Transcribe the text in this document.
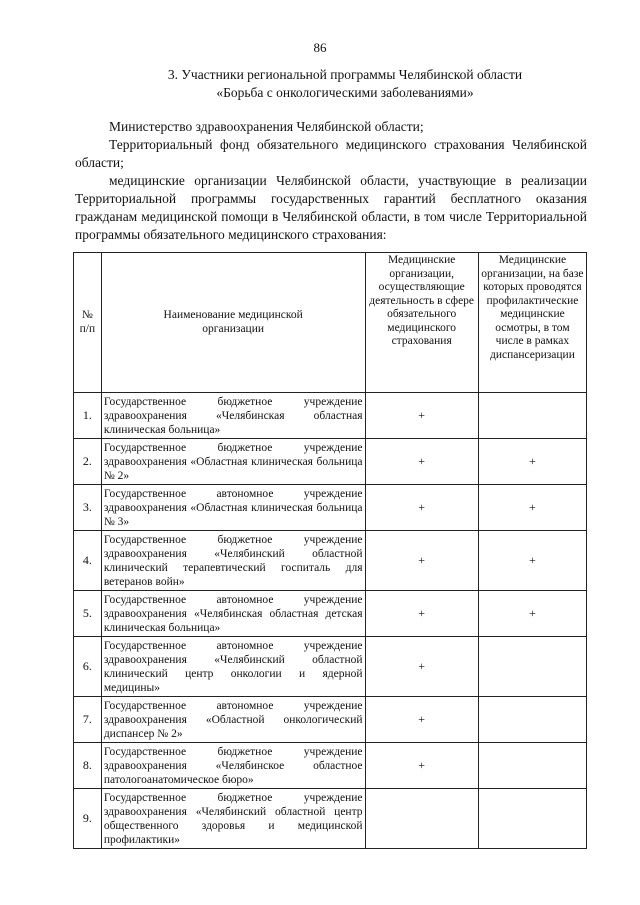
86
3. Участники региональной программы Челябинской области
«Борьба с онкологическими заболеваниями»
Министерство здравоохранения Челябинской области;
Территориальный фонд обязательного медицинского страхования Челябинской области;
медицинские организации Челябинской области, участвующие в реализации Территориальной программы государственных гарантий бесплатного оказания гражданам медицинской помощи в Челябинской области, в том числе Территориальной программы обязательного медицинского страхования:
№ п/п	Наименование медицинской организации	Медицинские организации, осуществляющие деятельность в сфере обязательного медицинского страхования	Медицинские организации, на базе которых проводятся профилактические медицинские осмотры, в том числе в рамках диспансеризации
1.	Государственное бюджетное учреждение здравоохранения «Челябинская областная клиническая больница»	+	
2.	Государственное бюджетное учреждение здравоохранения «Областная клиническая больница № 2»	+	+
3.	Государственное автономное учреждение здравоохранения «Областная клиническая больница № 3»	+	+
4.	Государственное бюджетное учреждение здравоохранения «Челябинский областной клинический терапевтический госпиталь для ветеранов войн»	+	+
5.	Государственное автономное учреждение здравоохранения «Челябинская областная детская клиническая больница»	+	+
6.	Государственное автономное учреждение здравоохранения «Челябинский областной клинический центр онкологии и ядерной медицины»	+	
7.	Государственное автономное учреждение здравоохранения «Областной онкологический диспансер № 2»	+	
8.	Государственное бюджетное учреждение здравоохранения «Челябинское областное патологоанатомическое бюро»	+	
9.	Государственное бюджетное учреждение здравоохранения «Челябинский областной центр общественного здоровья и медицинской профилактики»		
